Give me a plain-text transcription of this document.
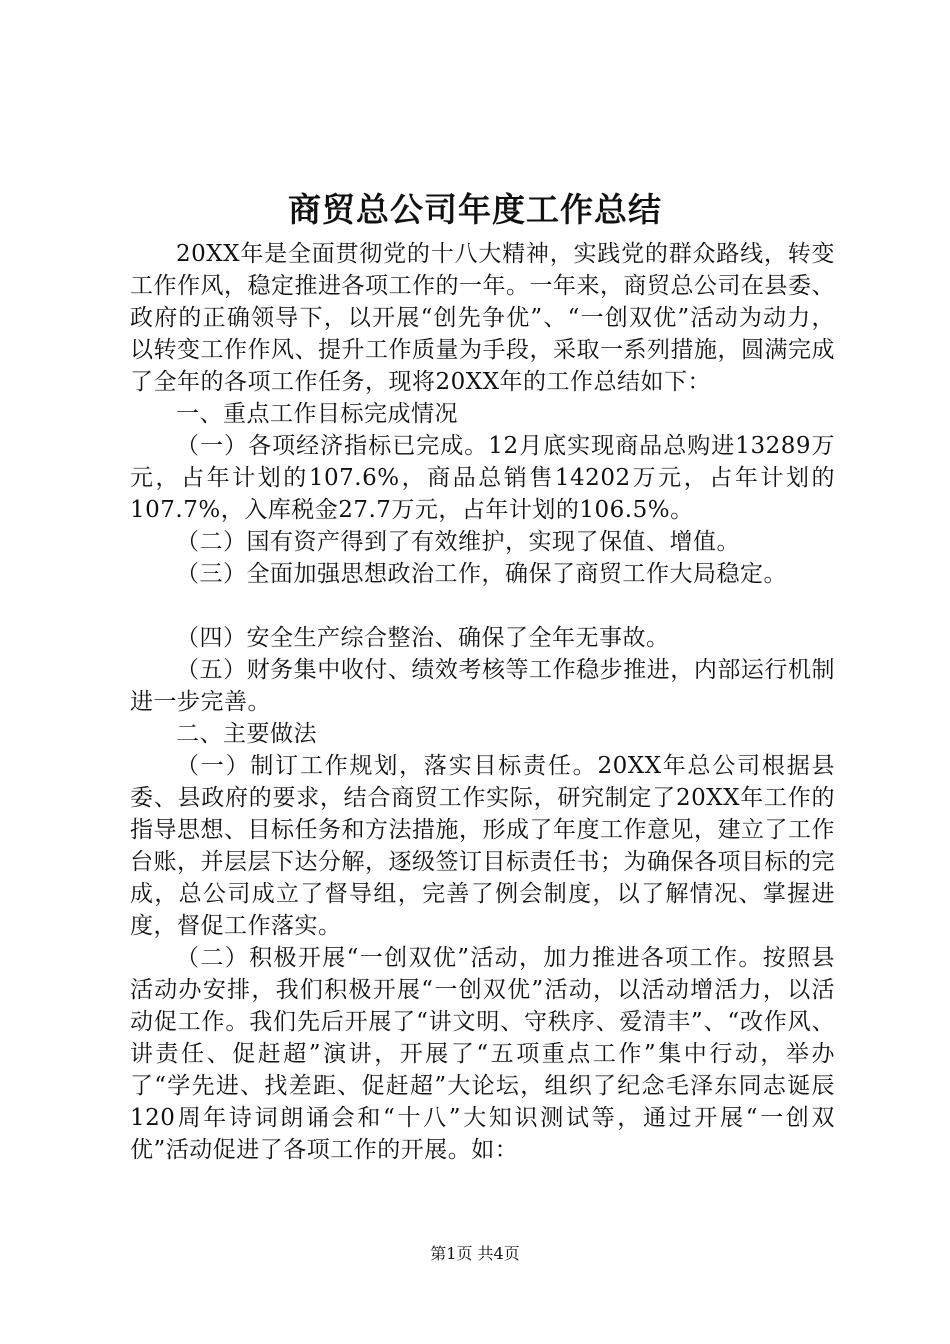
商贸总公司年度工作总结

20XX年是全面贯彻党的十八大精神，实践党的群众路线，转变工作作风，稳定推进各项工作的一年。一年来，商贸总公司在县委、政府的正确领导下，以开展“创先争优”、“一创双优”活动为动力，以转变工作作风、提升工作质量为手段，采取一系列措施，圆满完成了全年的各项工作任务，现将20XX年的工作总结如下：

一、重点工作目标完成情况

（一）各项经济指标已完成。12月底实现商品总购进13289万元，占年计划的107.6%，商品总销售14202万元，占年计划的107.7%，入库税金27.7万元，占年计划的106.5%。

（二）国有资产得到了有效维护，实现了保值、增值。

（三）全面加强思想政治工作，确保了商贸工作大局稳定。

（四）安全生产综合整治、确保了全年无事故。

（五）财务集中收付、绩效考核等工作稳步推进，内部运行机制进一步完善。

二、主要做法

（一）制订工作规划，落实目标责任。20XX年总公司根据县委、县政府的要求，结合商贸工作实际，研究制定了20XX年工作的指导思想、目标任务和方法措施，形成了年度工作意见，建立了工作台账，并层层下达分解，逐级签订目标责任书；为确保各项目标的完成，总公司成立了督导组，完善了例会制度，以了解情况、掌握进度，督促工作落实。

（二）积极开展“一创双优”活动，加力推进各项工作。按照县活动办安排，我们积极开展“一创双优”活动，以活动增活力，以活动促工作。我们先后开展了“讲文明、守秩序、爱清丰”、“改作风、讲责任、促赶超”演讲，开展了“五项重点工作”集中行动，举办了“学先进、找差距、促赶超”大论坛，组织了纪念毛泽东同志诞辰120周年诗词朗诵会和“十八”大知识测试等，通过开展“一创双优”活动促进了各项工作的开展。如：

第1页 共4页
